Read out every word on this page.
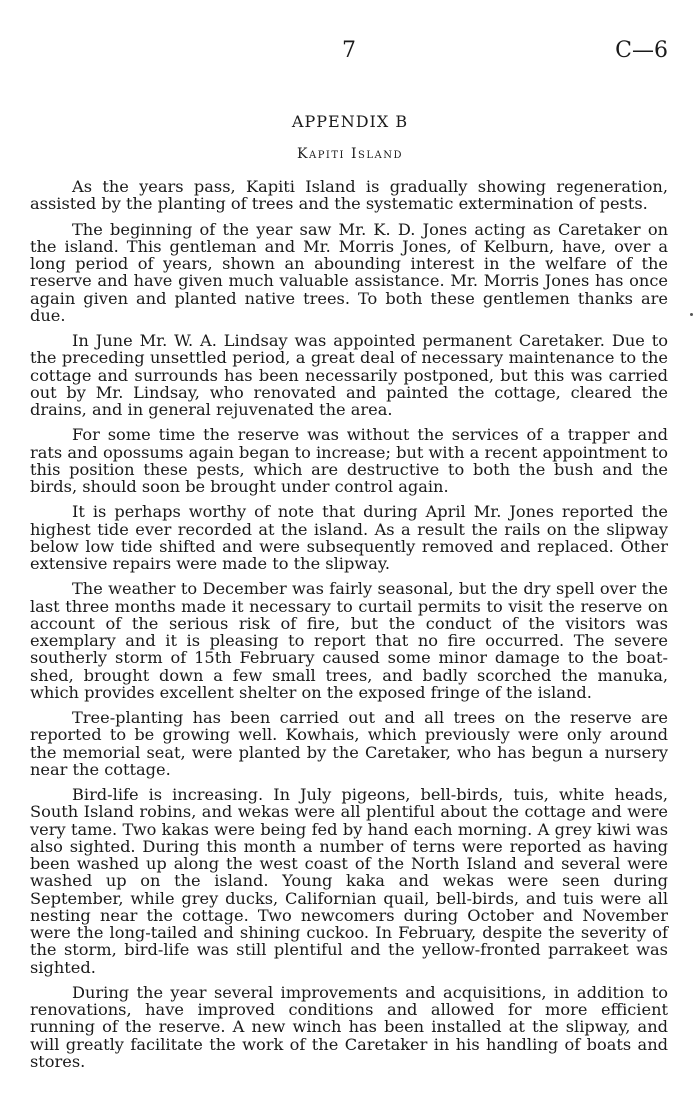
7	C—6
APPENDIX B
Kapiti Island

As the years pass, Kapiti Island is gradually showing regeneration, assisted by the planting of trees and the systematic extermination of pests.

The beginning of the year saw Mr. K. D. Jones acting as Caretaker on the island. This gentleman and Mr. Morris Jones, of Kelburn, have, over a long period of years, shown an abounding interest in the welfare of the reserve and have given much valuable assistance. Mr. Morris Jones has once again given and planted native trees. To both these gentlemen thanks are due.

In June Mr. W. A. Lindsay was appointed permanent Caretaker. Due to the preceding unsettled period, a great deal of necessary maintenance to the cottage and surrounds has been necessarily postponed, but this was carried out by Mr. Lindsay, who renovated and painted the cottage, cleared the drains, and in general rejuvenated the area.

For some time the reserve was without the services of a trapper and rats and opossums again began to increase; but with a recent appointment to this position these pests, which are destructive to both the bush and the birds, should soon be brought under control again.

It is perhaps worthy of note that during April Mr. Jones reported the highest tide ever recorded at the island. As a result the rails on the slipway below low tide shifted and were subsequently removed and replaced. Other extensive repairs were made to the slipway.

The weather to December was fairly seasonal, but the dry spell over the last three months made it necessary to curtail permits to visit the reserve on account of the serious risk of fire, but the conduct of the visitors was exemplary and it is pleasing to report that no fire occurred. The severe southerly storm of 15th February caused some minor damage to the boat-shed, brought down a few small trees, and badly scorched the manuka, which provides excellent shelter on the exposed fringe of the island.

Tree-planting has been carried out and all trees on the reserve are reported to be growing well. Kowhais, which previously were only around the memorial seat, were planted by the Caretaker, who has begun a nursery near the cottage.

Bird-life is increasing. In July pigeons, bell-birds, tuis, white heads, South Island robins, and wekas were all plentiful about the cottage and were very tame. Two kakas were being fed by hand each morning. A grey kiwi was also sighted. During this month a number of terns were reported as having been washed up along the west coast of the North Island and several were washed up on the island. Young kaka and wekas were seen during September, while grey ducks, Californian quail, bell-birds, and tuis were all nesting near the cottage. Two newcomers during October and November were the long-tailed and shining cuckoo. In February, despite the severity of the storm, bird-life was still plentiful and the yellow-fronted parrakeet was sighted.

During the year several improvements and acquisitions, in addition to renovations, have improved conditions and allowed for more efficient running of the reserve. A new winch has been installed at the slipway, and will greatly facilitate the work of the Caretaker in his handling of boats and stores.
